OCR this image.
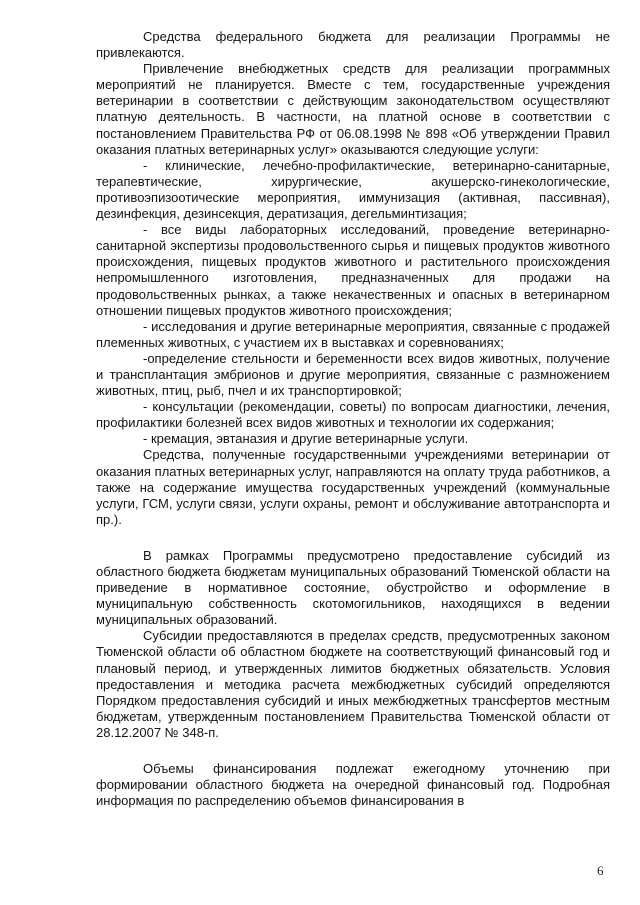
Средства федерального бюджета для реализации Программы не привлекаются.

Привлечение внебюджетных средств для реализации программных мероприятий не планируется. Вместе с тем, государственные учреждения ветеринарии в соответствии с действующим законодательством осуществляют платную деятельность. В частности, на платной основе в соответствии с постановлением Правительства РФ от 06.08.1998 № 898 «Об утверждении Правил оказания платных ветеринарных услуг» оказываются следующие услуги:

- клинические, лечебно-профилактические, ветеринарно-санитарные, терапевтические, хирургические, акушерско-гинекологические, противоэпизоотические мероприятия, иммунизация (активная, пассивная), дезинфекция, дезинсекция, дератизация, дегельминтизация;

- все виды лабораторных исследований, проведение ветеринарно-санитарной экспертизы продовольственного сырья и пищевых продуктов животного происхождения, пищевых продуктов животного и растительного происхождения непромышленного изготовления, предназначенных для продажи на продовольственных рынках, а также некачественных и опасных в ветеринарном отношении пищевых продуктов животного происхождения;

- исследования и другие ветеринарные мероприятия, связанные с продажей племенных животных, с участием их в выставках и соревнованиях;

-определение стельности и беременности всех видов животных, получение и трансплантация эмбрионов и другие мероприятия, связанные с размножением животных, птиц, рыб, пчел и их транспортировкой;

- консультации (рекомендации, советы) по вопросам диагностики, лечения, профилактики болезней всех видов животных и технологии их содержания;

- кремация, эвтаназия и другие ветеринарные услуги.

Средства, полученные государственными учреждениями ветеринарии от оказания платных ветеринарных услуг, направляются на оплату труда работников, а также на содержание имущества государственных учреждений (коммунальные услуги, ГСМ, услуги связи, услуги охраны, ремонт и обслуживание автотранспорта и пр.).

В рамках Программы предусмотрено предоставление субсидий из областного бюджета бюджетам муниципальных образований Тюменской области на приведение в нормативное состояние, обустройство и оформление в муниципальную собственность скотомогильников, находящихся в ведении муниципальных образований.

Субсидии предоставляются в пределах средств, предусмотренных законом Тюменской области об областном бюджете на соответствующий финансовый год и плановый период, и утвержденных лимитов бюджетных обязательств. Условия предоставления и методика расчета межбюджетных субсидий определяются Порядком предоставления субсидий и иных межбюджетных трансфертов местным бюджетам, утвержденным постановлением Правительства Тюменской области от 28.12.2007 № 348-п.

Объемы финансирования подлежат ежегодному уточнению при формировании областного бюджета на очередной финансовый год. Подробная информация по распределению объемов финансирования в

6
